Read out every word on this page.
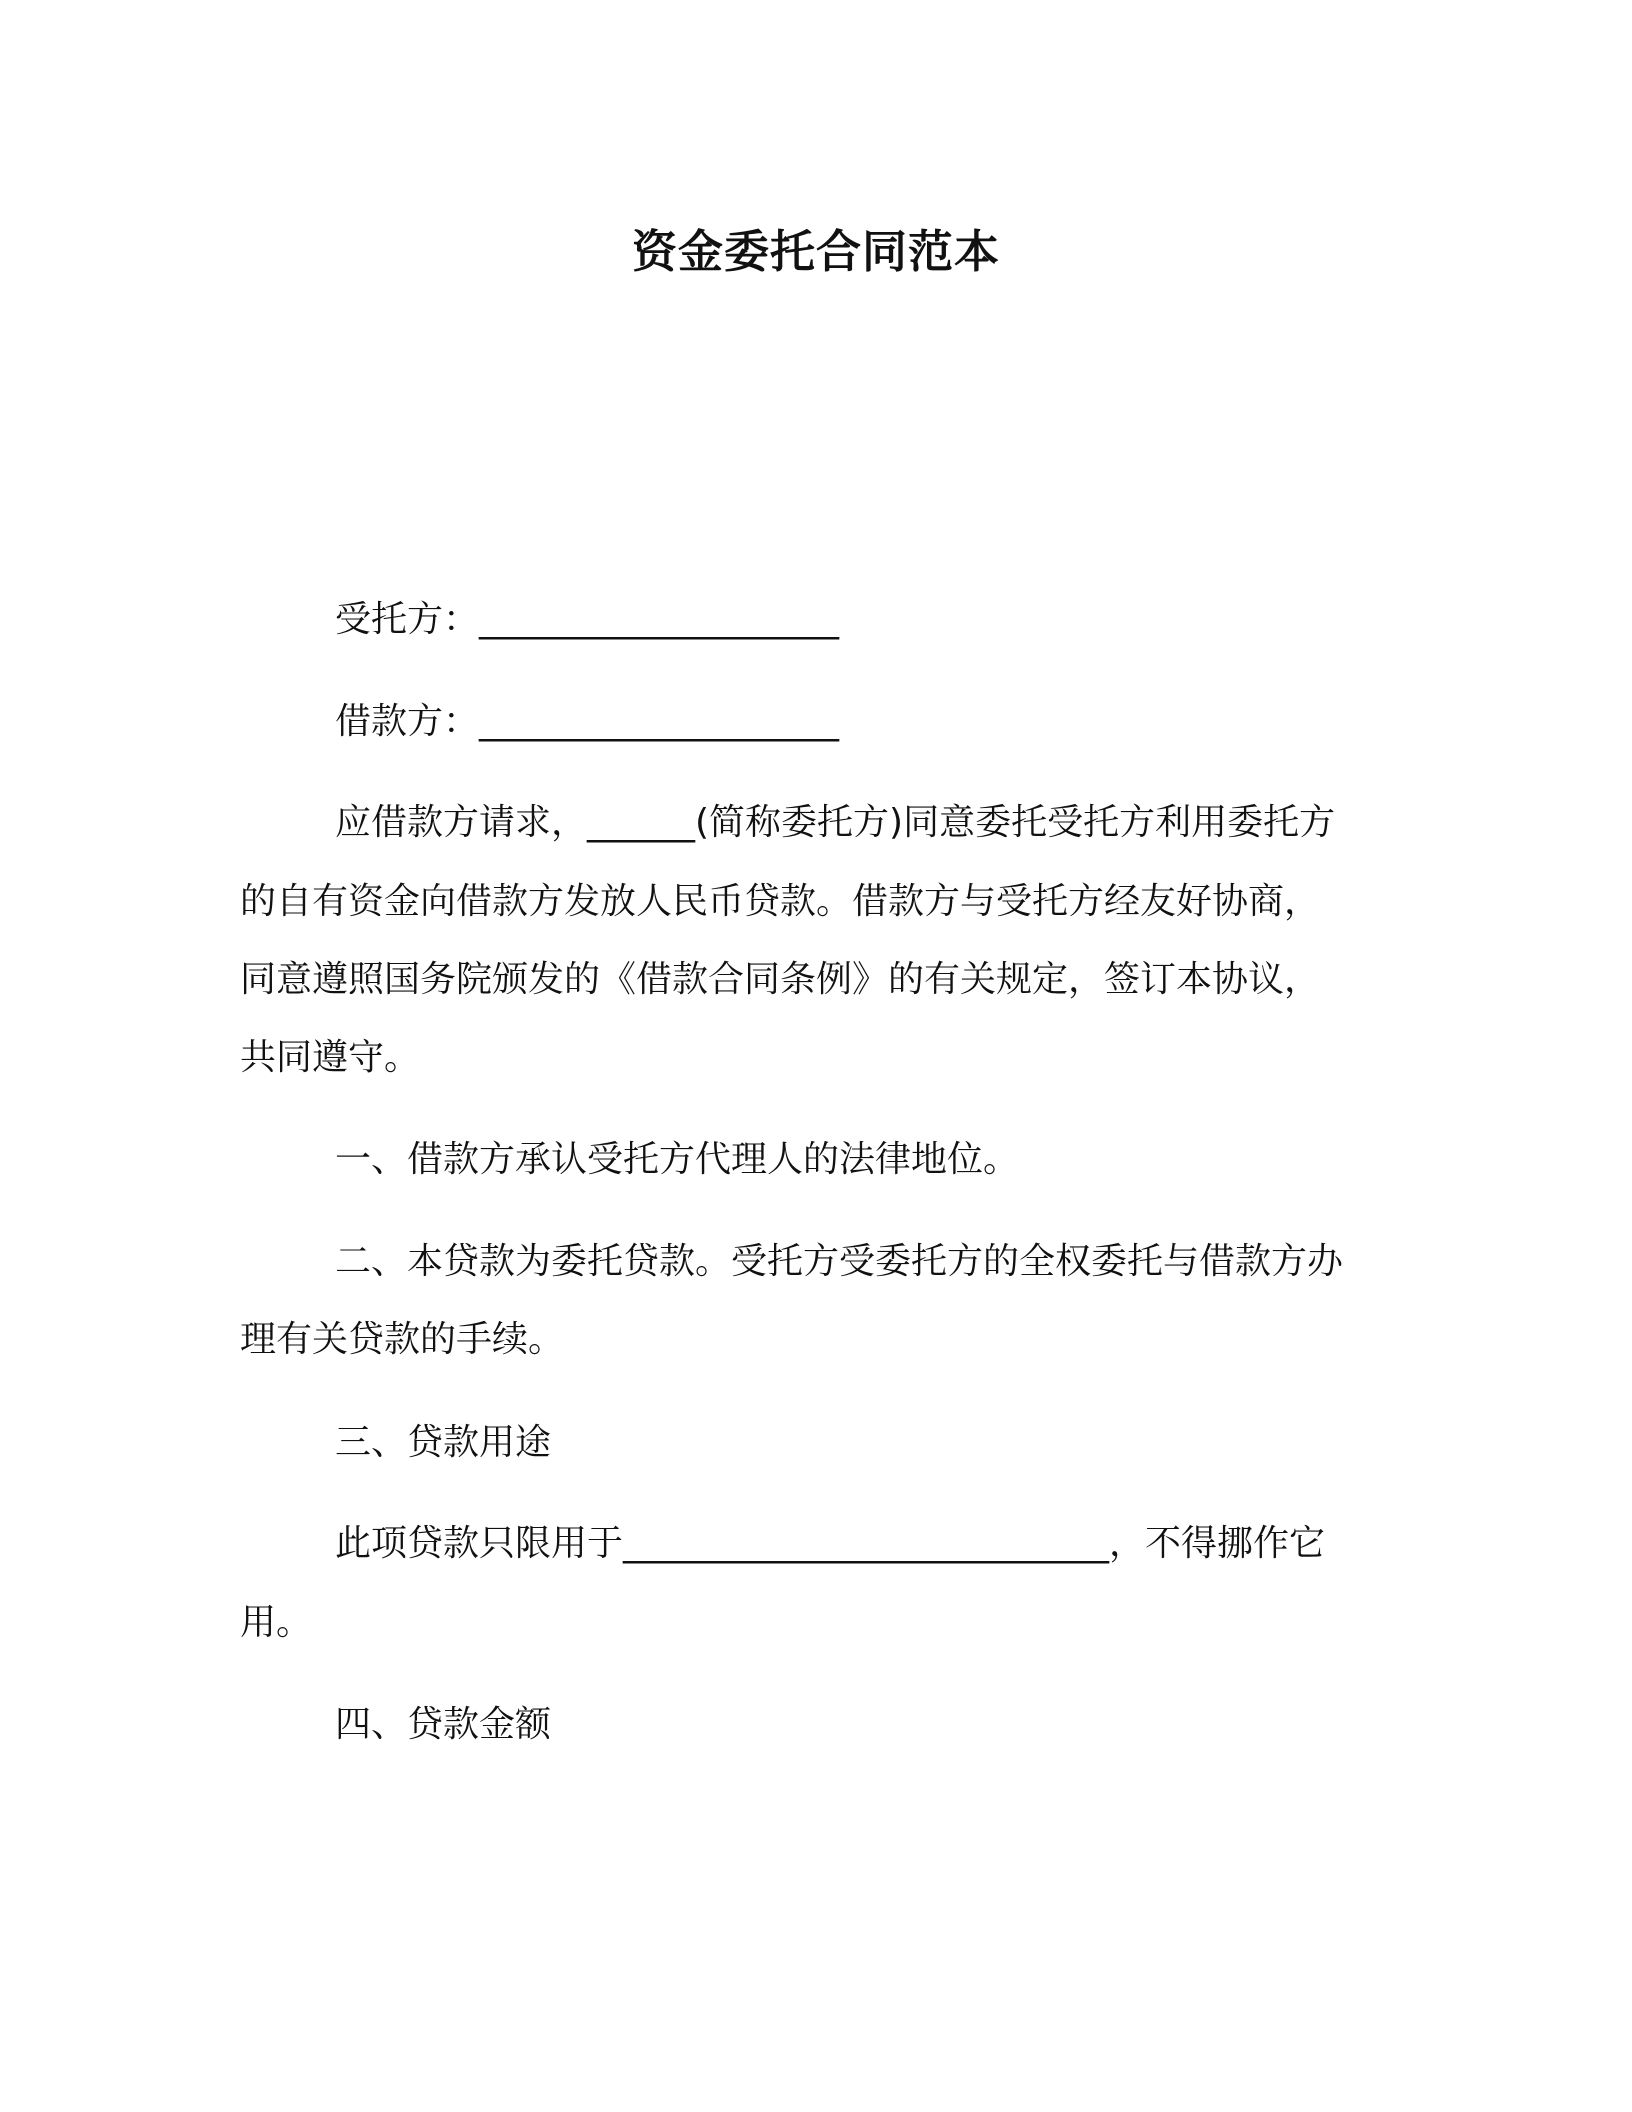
资金委托合同范本
受托方：____________________
借款方：____________________
应借款方请求，______(简称委托方)同意委托受托方利用委托方
的自有资金向借款方发放人民币贷款。借款方与受托方经友好协商，
同意遵照国务院颁发的《借款合同条例》的有关规定，签订本协议，
共同遵守。
一、借款方承认受托方代理人的法律地位。
二、本贷款为委托贷款。受托方受委托方的全权委托与借款方办
理有关贷款的手续。
三、贷款用途
此项贷款只限用于___________________________，不得挪作它
用。
四、贷款金额
